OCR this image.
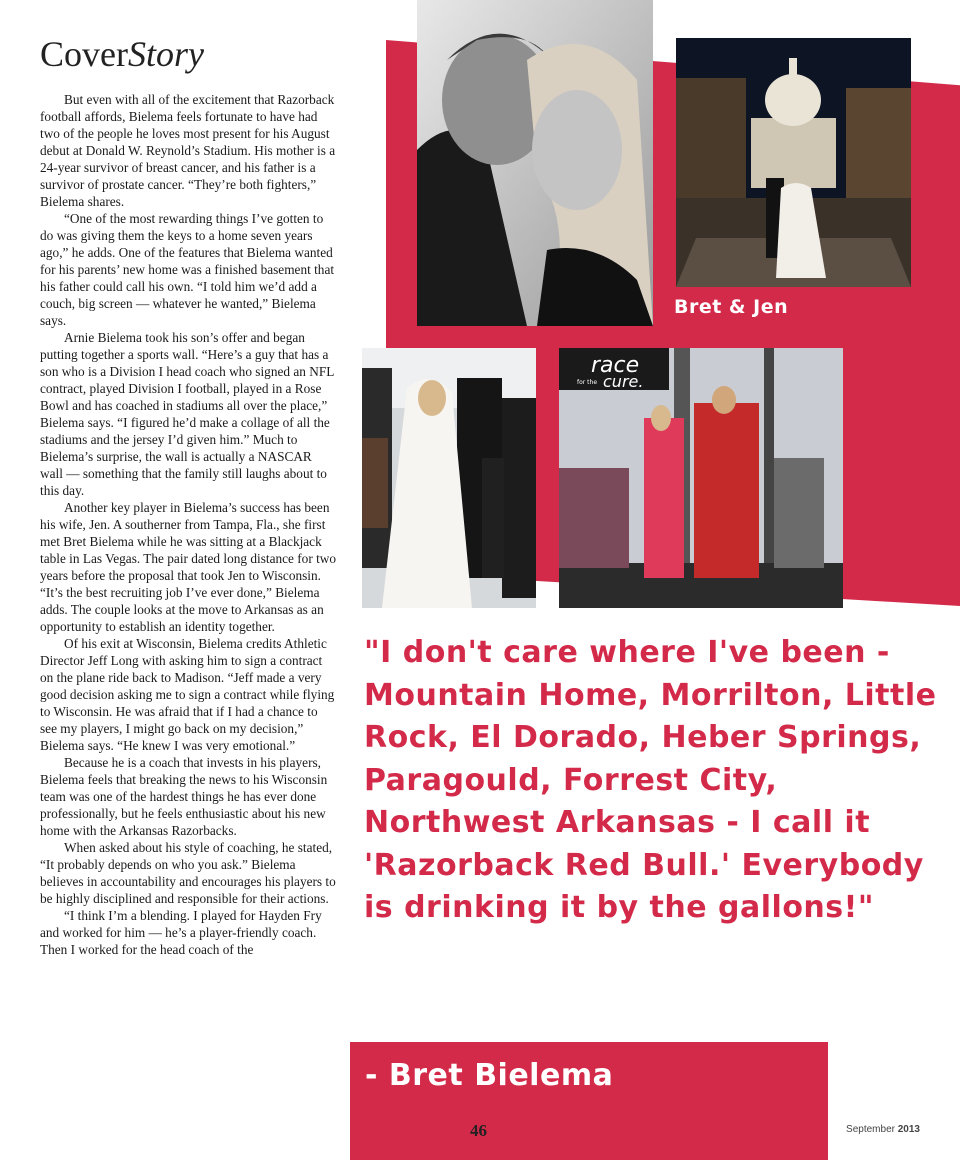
CoverStory

But even with all of the excitement that Razorback football affords, Bielema feels fortunate to have had two of the people he loves most present for his August debut at Donald W. Reynold’s Stadium. His mother is a 24-year survivor of breast cancer, and his father is a survivor of prostate cancer. “They’re both fighters,” Bielema shares.

“One of the most rewarding things I’ve gotten to do was giving them the keys to a home seven years ago,” he adds. One of the features that Bielema wanted for his parents’ new home was a finished basement that his father could call his own. “I told him we’d add a couch, big screen — whatever he wanted,” Bielema says.

Arnie Bielema took his son’s offer and began putting together a sports wall. “Here’s a guy that has a son who is a Division I head coach who signed an NFL contract, played Division I football, played in a Rose Bowl and has coached in stadiums all over the place,” Bielema says. “I figured he’d make a collage of all the stadiums and the jersey I’d given him.” Much to Bielema’s surprise, the wall is actually a NASCAR wall — something that the family still laughs about to this day.

Another key player in Bielema’s success has been his wife, Jen. A southerner from Tampa, Fla., she first met Bret Bielema while he was sitting at a Blackjack table in Las Vegas. The pair dated long distance for two years before the proposal that took Jen to Wisconsin. “It’s the best recruiting job I’ve ever done,” Bielema adds. The couple looks at the move to Arkansas as an opportunity to establish an identity together.

Of his exit at Wisconsin, Bielema credits Athletic Director Jeff Long with asking him to sign a contract on the plane ride back to Madison. “Jeff made a very good decision asking me to sign a contract while flying to Wisconsin. He was afraid that if I had a chance to see my players, I might go back on my decision,” Bielema says. “He knew I was very emotional.”

Because he is a coach that invests in his players, Bielema feels that breaking the news to his Wisconsin team was one of the hardest things he has ever done professionally, but he feels enthusiastic about his new home with the Arkansas Razorbacks.

When asked about his style of coaching, he stated, “It probably depends on who you ask.” Bielema believes in accountability and encourages his players to be highly disciplined and responsible for their actions.

“I think I’m a blending. I played for Hayden Fry and worked for him — he’s a player-friendly coach. Then I worked for the head coach of the

Bret & Jen
race
for the cure.
"I don't care where I've been - Mountain Home, Morrilton, Little Rock, El Dorado, Heber Springs, Paragould, Forrest City, Northwest Arkansas - I call it 'Razorback Red Bull.' Everybody is drinking it by the gallons!"
- Bret Bielema
46	September 2013
